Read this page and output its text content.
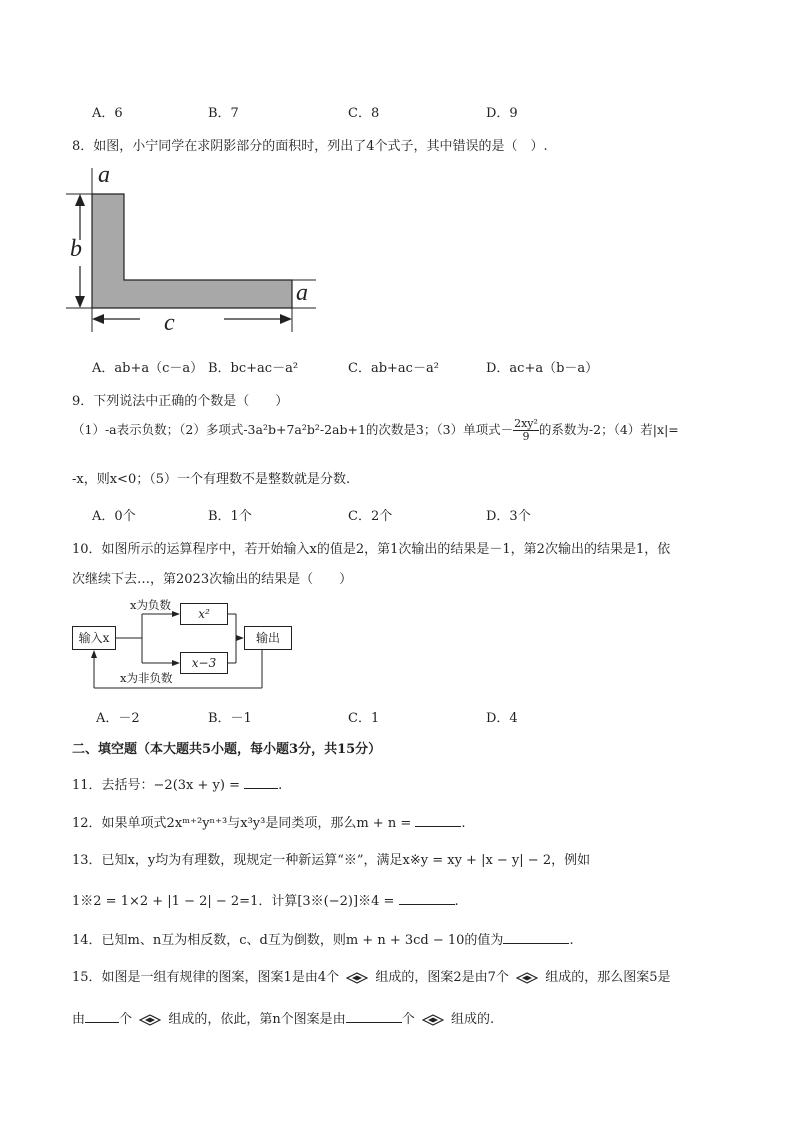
A．6	B．7	C．8	D．9
8．如图，小宁同学在求阴影部分的面积时，列出了4个式子，其中错误的是（　）.
a
b
a
c
A．ab+a（c－a） B．bc+ac－a²	C．ab+ac－a²	D．ac+a（b－a）
9．下列说法中正确的个数是（　　）
（1）-a表示负数；（2）多项式-3a²b+7a²b²-2ab+1的次数是3；（3）单项式－ $\frac{\text{2xy²}}{9}$ 的系数为-2；（4）若|x|=
-x，则x<0；（5）一个有理数不是整数就是分数.
A．0个	B．1个	C．2个	D．3个
10．如图所示的运算程序中，若开始输入x的值是2，第1次输出的结果是－1，第2次输出的结果是1，依
次继续下去…，第2023次输出的结果是（　　）
输入x
x²
x−3
输出
x为负数
x为非负数
A．－2	B．－1	C．1	D．4
二、填空题（本大题共5小题，每小题3分，共15分）
11．去括号：−2(3x + y) =	.
12．如果单项式2xᵐ⁺²yⁿ⁺³与x³y³是同类项，那么m + n =	.
13．已知x，y均为有理数，现规定一种新运算“※”，满足x※y = xy + |x − y| − 2，例如
1※2 = 1×2 + |1 − 2| − 2=1．计算[3※(−2)]※4 =	.
14．已知m、n互为相反数，c、d互为倒数，则m + n + 3cd − 10的值为	.
15．如图是一组有规律的图案，图案1是由4个	组成的，图案2是由7个	组成的，那么图案5是
由	个	组成的，依此，第n个图案是由	个	组成的.
